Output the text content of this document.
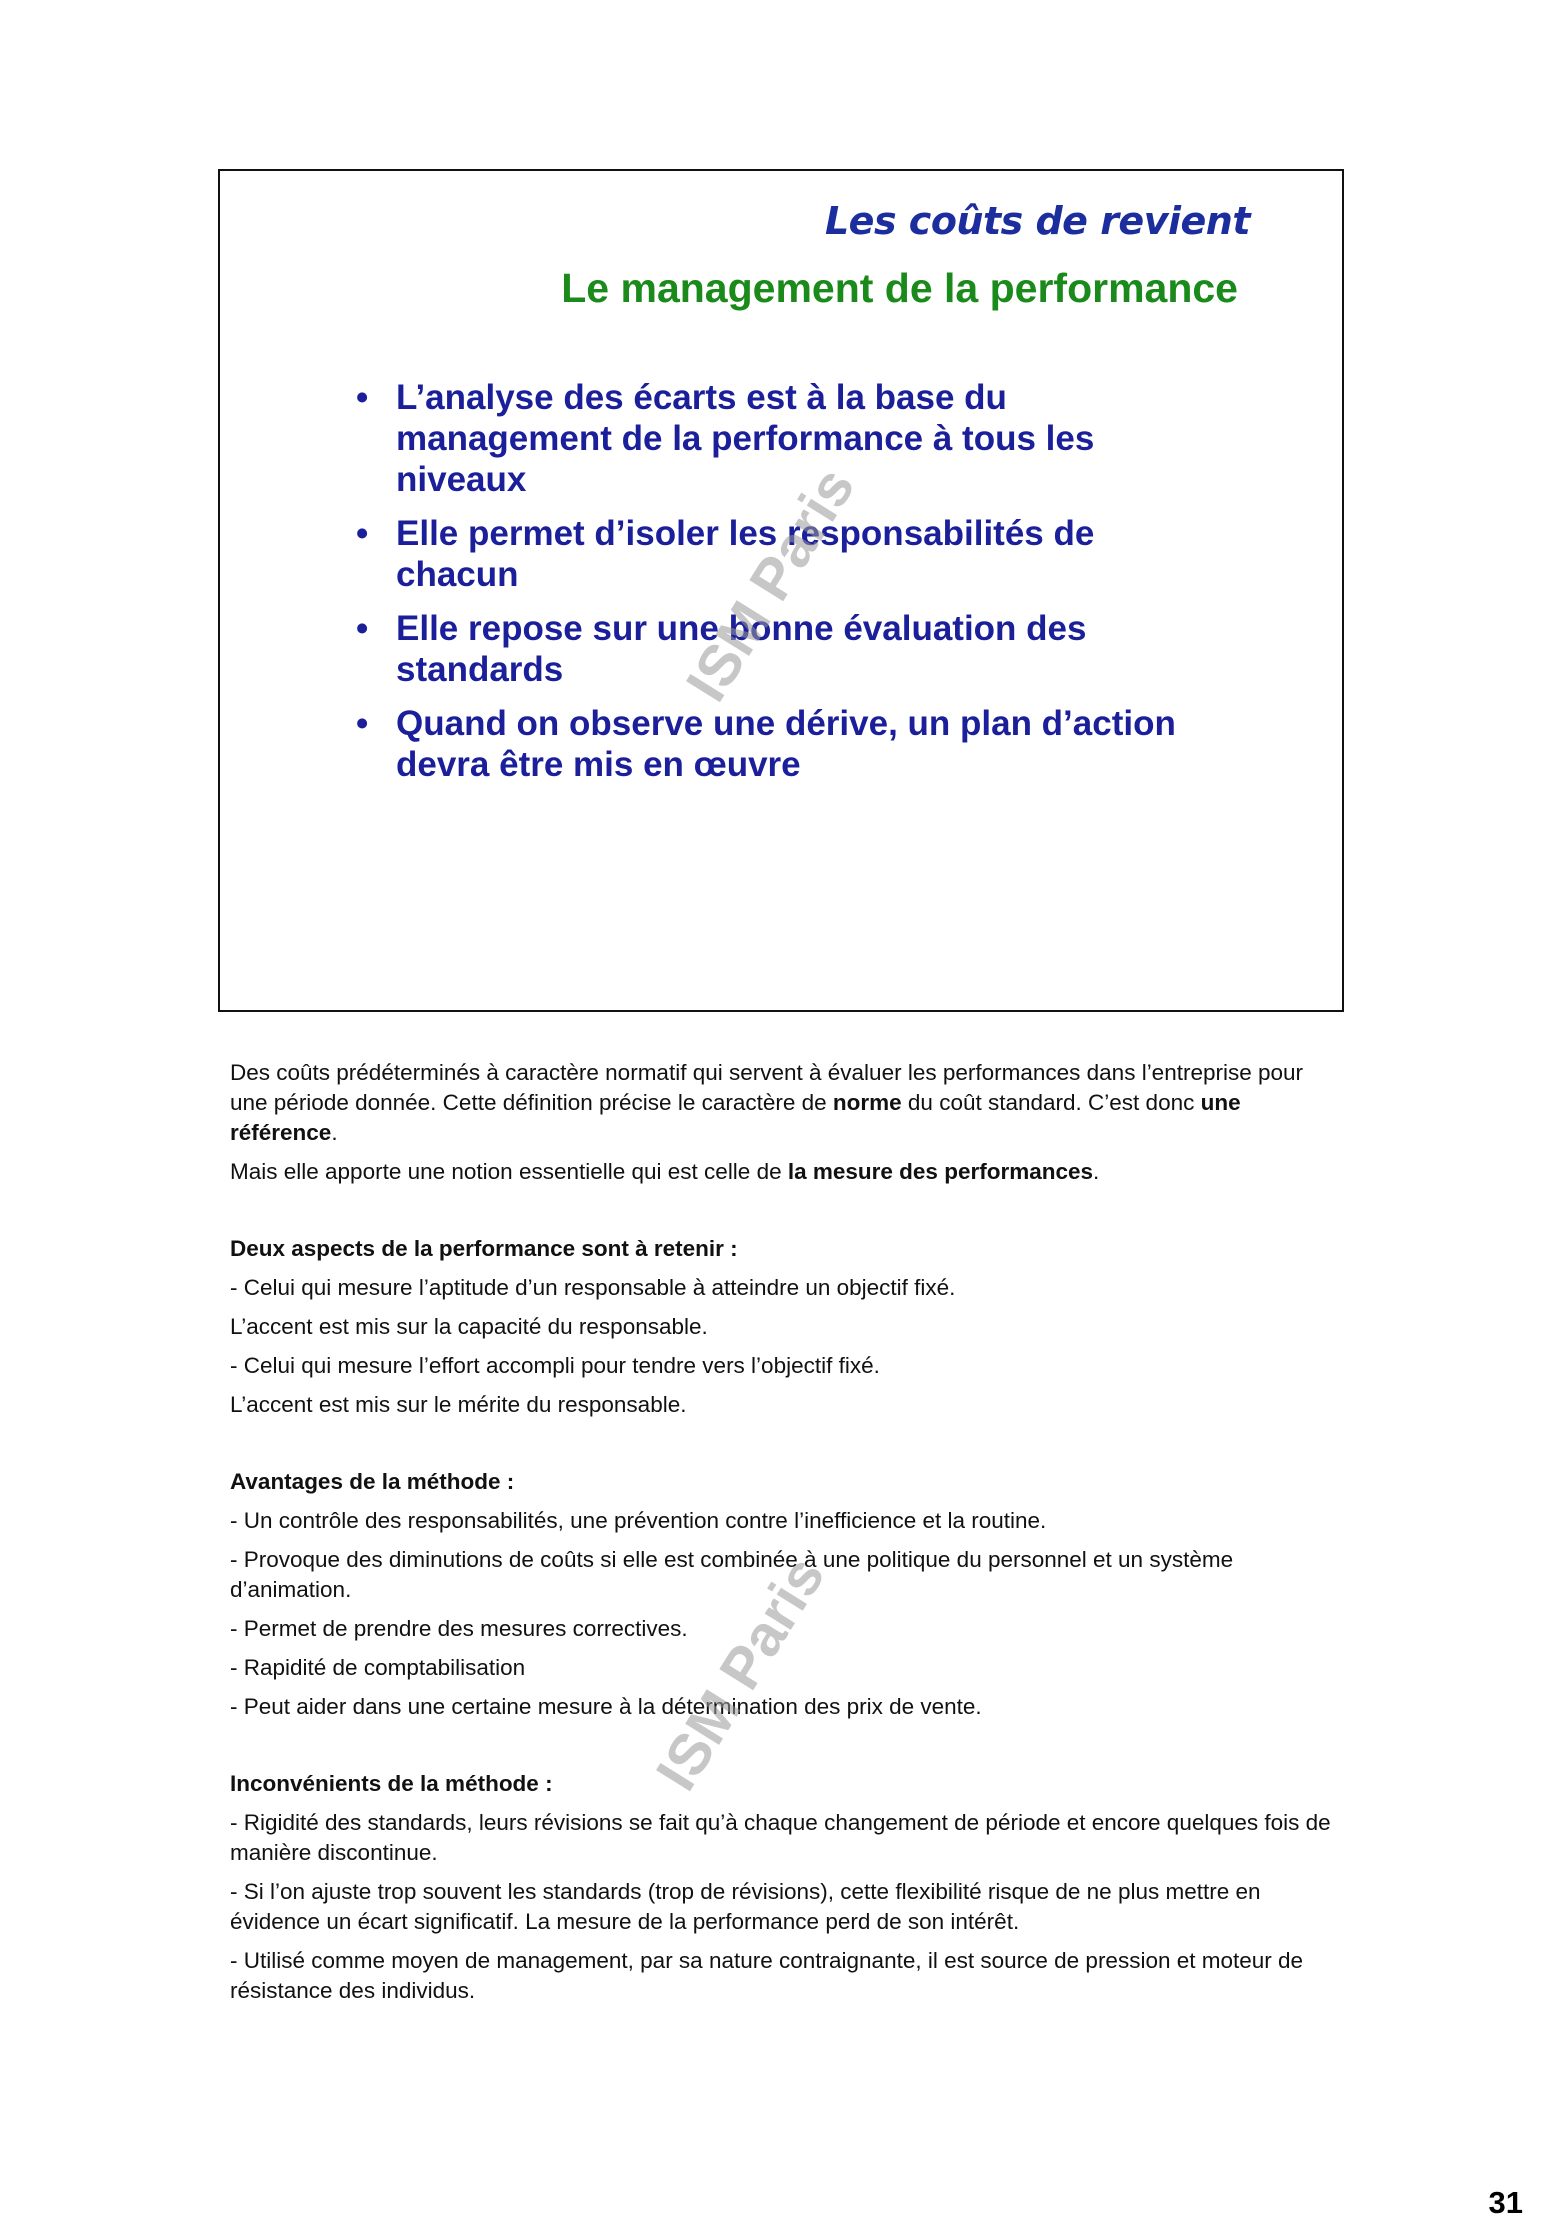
Les coûts de revient
Le management de la performance
• L’analyse des écarts est à la base du management de la performance à tous les niveaux
• Elle permet d’isoler les responsabilités de chacun
• Elle repose sur une bonne évaluation des standards
• Quand on observe une dérive, un plan d’action devra être mis en œuvre
ISM Paris

Des coûts prédéterminés à caractère normatif qui servent à évaluer les performances dans l’entreprise pour une période donnée. Cette définition précise le caractère de norme du coût standard. C’est donc une référence.

Mais elle apporte une notion essentielle qui est celle de la mesure des performances.

Deux aspects de la performance sont à retenir :

- Celui qui mesure l’aptitude d’un responsable à atteindre un objectif fixé.

L’accent est mis sur la capacité du responsable.

- Celui qui mesure l’effort accompli pour tendre vers l’objectif fixé.

L’accent est mis sur le mérite du responsable.

Avantages de la méthode :

- Un contrôle des responsabilités, une prévention contre l’inefficience et la routine.

- Provoque des diminutions de coûts si elle est combinée à une politique du personnel et un système d’animation.

- Permet de prendre des mesures correctives.

- Rapidité de comptabilisation

- Peut aider dans une certaine mesure à la détermination des prix de vente.

Inconvénients de la méthode :

- Rigidité des standards, leurs révisions se fait qu’à chaque changement de période et encore quelques fois de manière discontinue.

- Si l’on ajuste trop souvent les standards (trop de révisions), cette flexibilité risque de ne plus mettre en évidence un écart significatif. La mesure de la performance perd de son intérêt.

- Utilisé comme moyen de management, par sa nature contraignante, il est source de pression et moteur de résistance des individus.

ISM Paris
31
